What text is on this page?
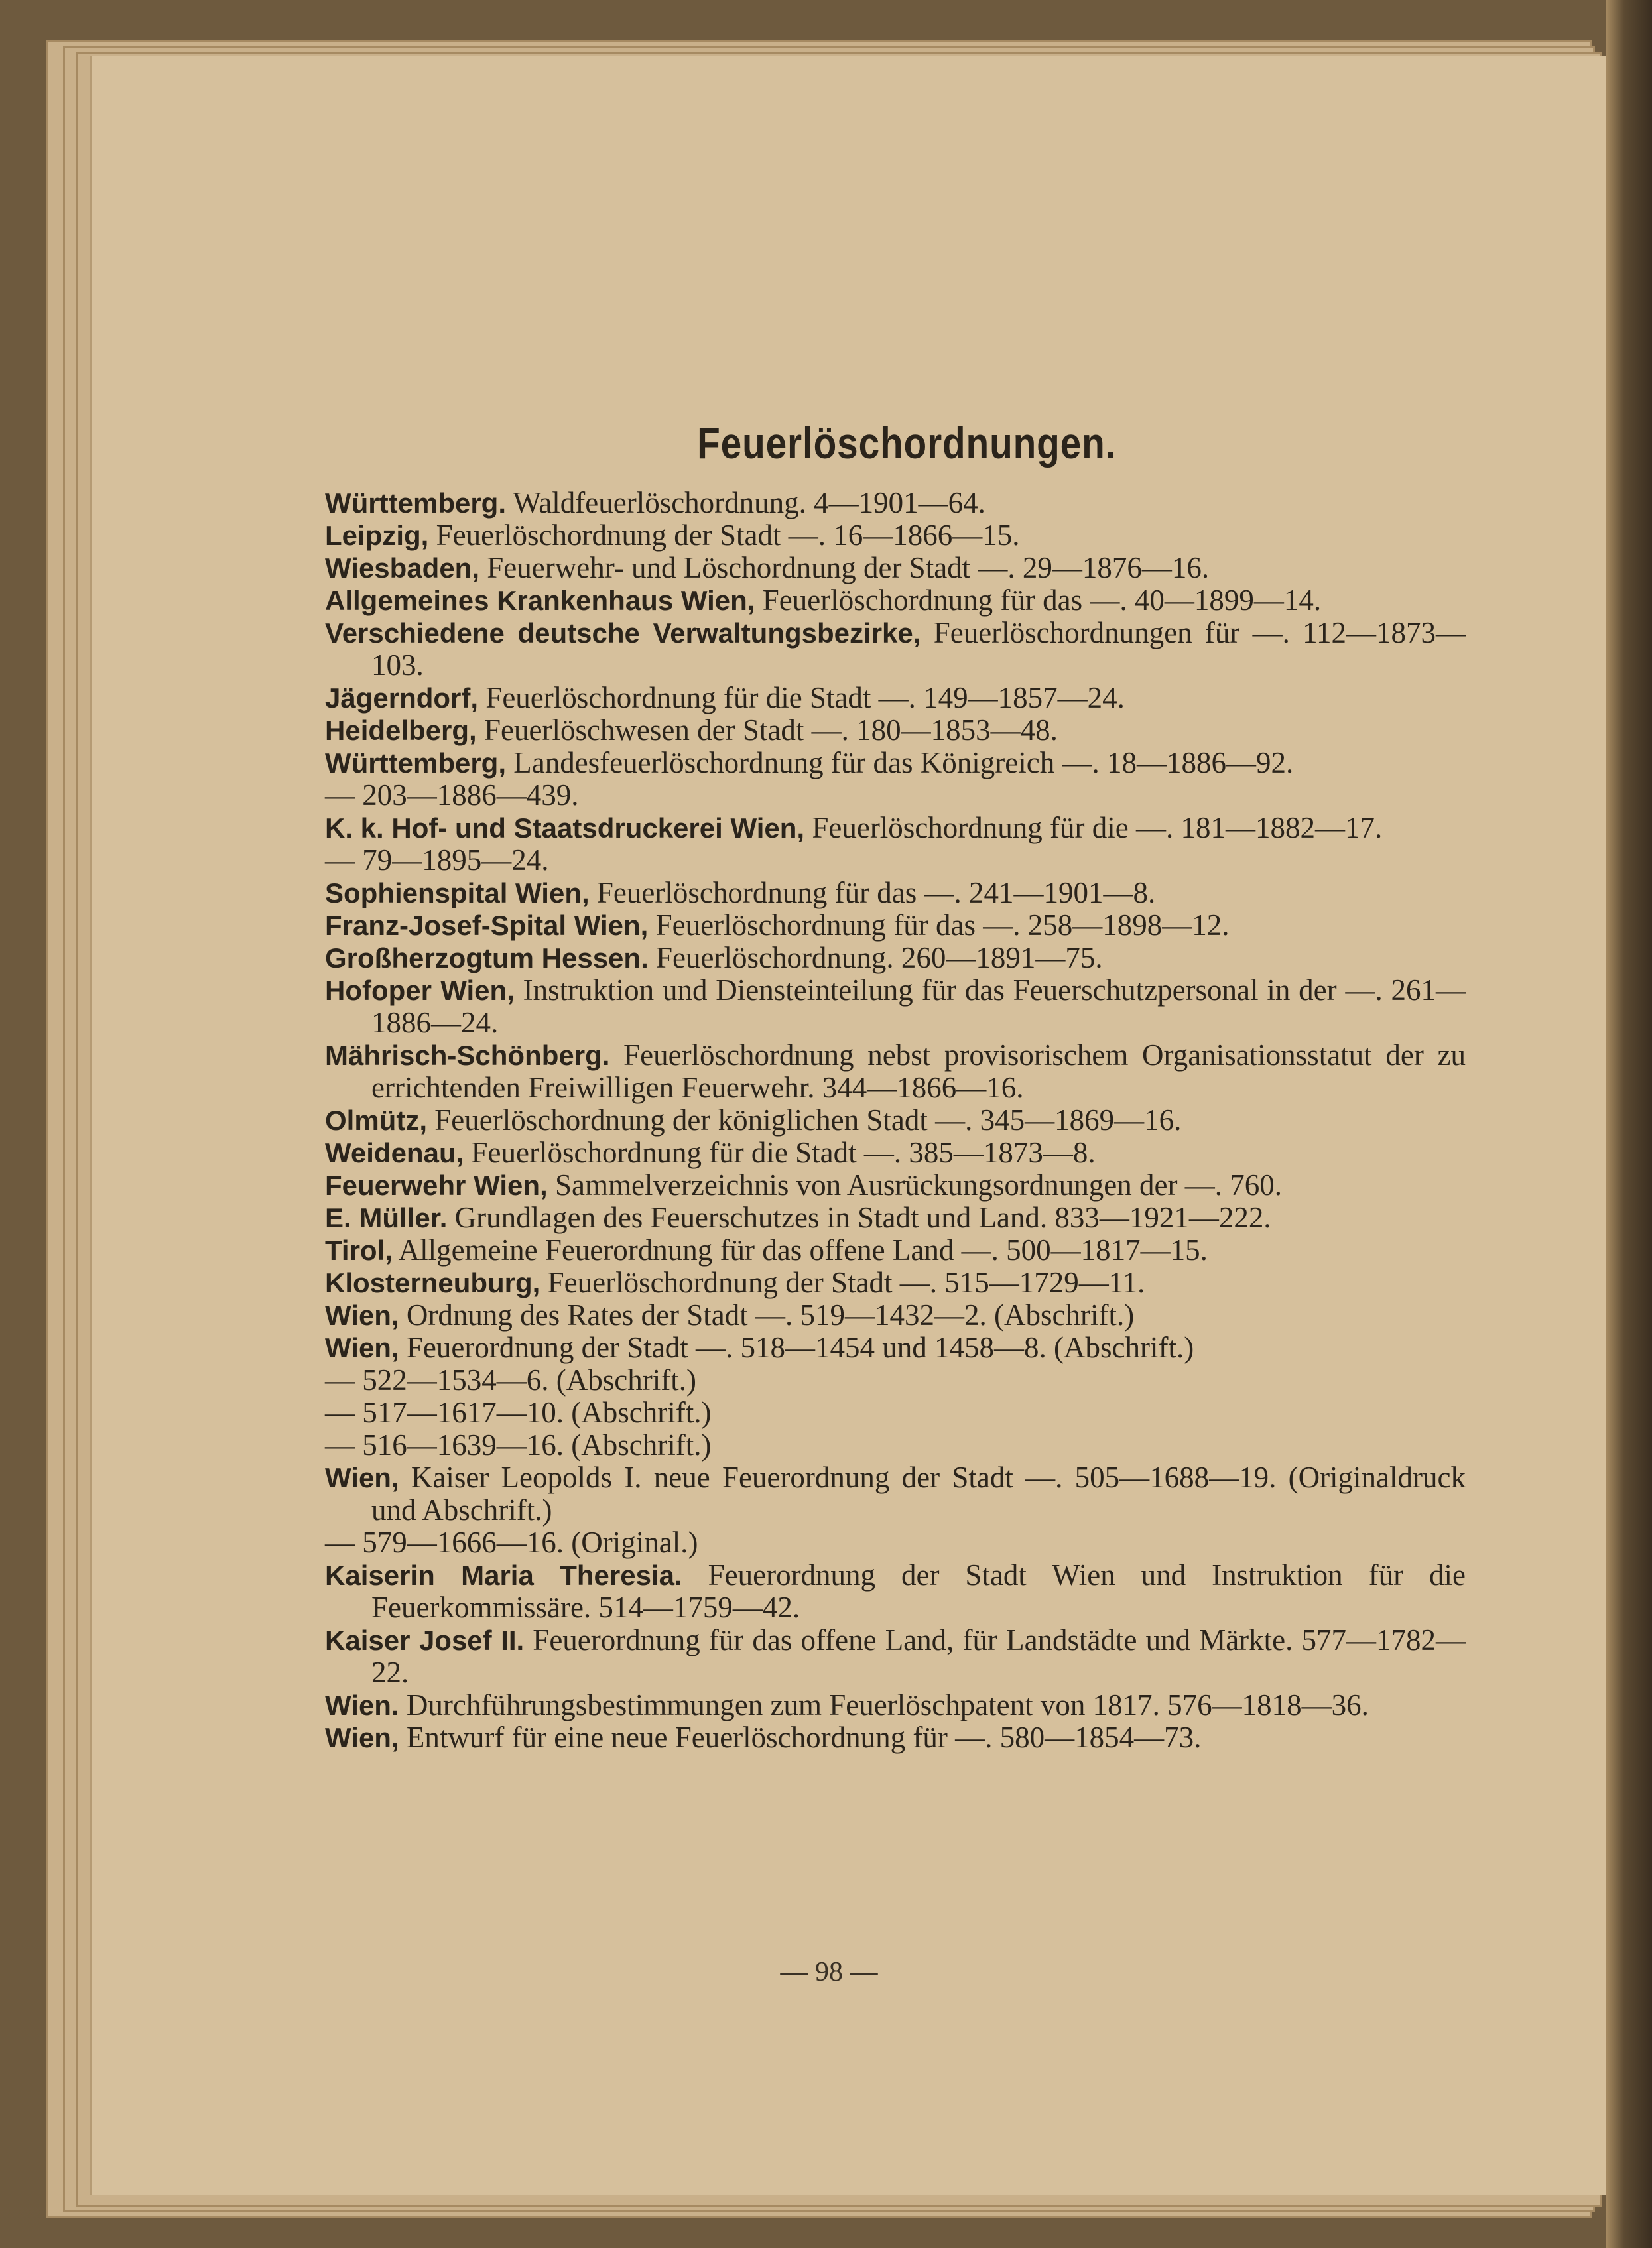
Feuerlöschordnungen.

Württemberg. Waldfeuerlöschordnung. 4—1901—64.

Leipzig, Feuerlöschordnung der Stadt —. 16—1866—15.

Wiesbaden, Feuerwehr- und Löschordnung der Stadt —. 29—1876—16.

Allgemeines Krankenhaus Wien, Feuerlöschordnung für das —. 40—1899—14.

Verschiedene deutsche Verwaltungsbezirke, Feuerlöschordnungen für —. 112—1873—103.

Jägerndorf, Feuerlöschordnung für die Stadt —. 149—1857—24.

Heidelberg, Feuerlöschwesen der Stadt —. 180—1853—48.

Württemberg, Landesfeuerlöschordnung für das Königreich —. 18—1886—92.

— 203—1886—439.

K. k. Hof- und Staatsdruckerei Wien, Feuerlöschordnung für die —. 181—1882—17.

— 79—1895—24.

Sophienspital Wien, Feuerlöschordnung für das —. 241—1901—8.

Franz-Josef-Spital Wien, Feuerlöschordnung für das —. 258—1898—12.

Großherzogtum Hessen. Feuerlöschordnung. 260—1891—75.

Hofoper Wien, Instruktion und Diensteinteilung für das Feuerschutzpersonal in der —. 261—1886—24.

Mährisch-Schönberg. Feuerlöschordnung nebst provisorischem Organisationsstatut der zu errichtenden Freiwilligen Feuerwehr. 344—1866—16.

Olmütz, Feuerlöschordnung der königlichen Stadt —. 345—1869—16.

Weidenau, Feuerlöschordnung für die Stadt —. 385—1873—8.

Feuerwehr Wien, Sammelverzeichnis von Ausrückungsordnungen der —. 760.

E. Müller. Grundlagen des Feuerschutzes in Stadt und Land. 833—1921—222.

Tirol, Allgemeine Feuerordnung für das offene Land —. 500—1817—15.

Klosterneuburg, Feuerlöschordnung der Stadt —. 515—1729—11.

Wien, Ordnung des Rates der Stadt —. 519—1432—2. (Abschrift.)

Wien, Feuerordnung der Stadt —. 518—1454 und 1458—8. (Abschrift.)

— 522—1534—6. (Abschrift.)

— 517—1617—10. (Abschrift.)

— 516—1639—16. (Abschrift.)

Wien, Kaiser Leopolds I. neue Feuerordnung der Stadt —. 505—1688—19. (Originaldruck und Abschrift.)

— 579—1666—16. (Original.)

Kaiserin Maria Theresia. Feuerordnung der Stadt Wien und Instruktion für die Feuerkommissäre. 514—1759—42.

Kaiser Josef II. Feuerordnung für das offene Land, für Landstädte und Märkte. 577—1782—22.

Wien. Durchführungsbestimmungen zum Feuerlöschpatent von 1817. 576—1818—36.

Wien, Entwurf für eine neue Feuerlöschordnung für —. 580—1854—73.

— 98 —
